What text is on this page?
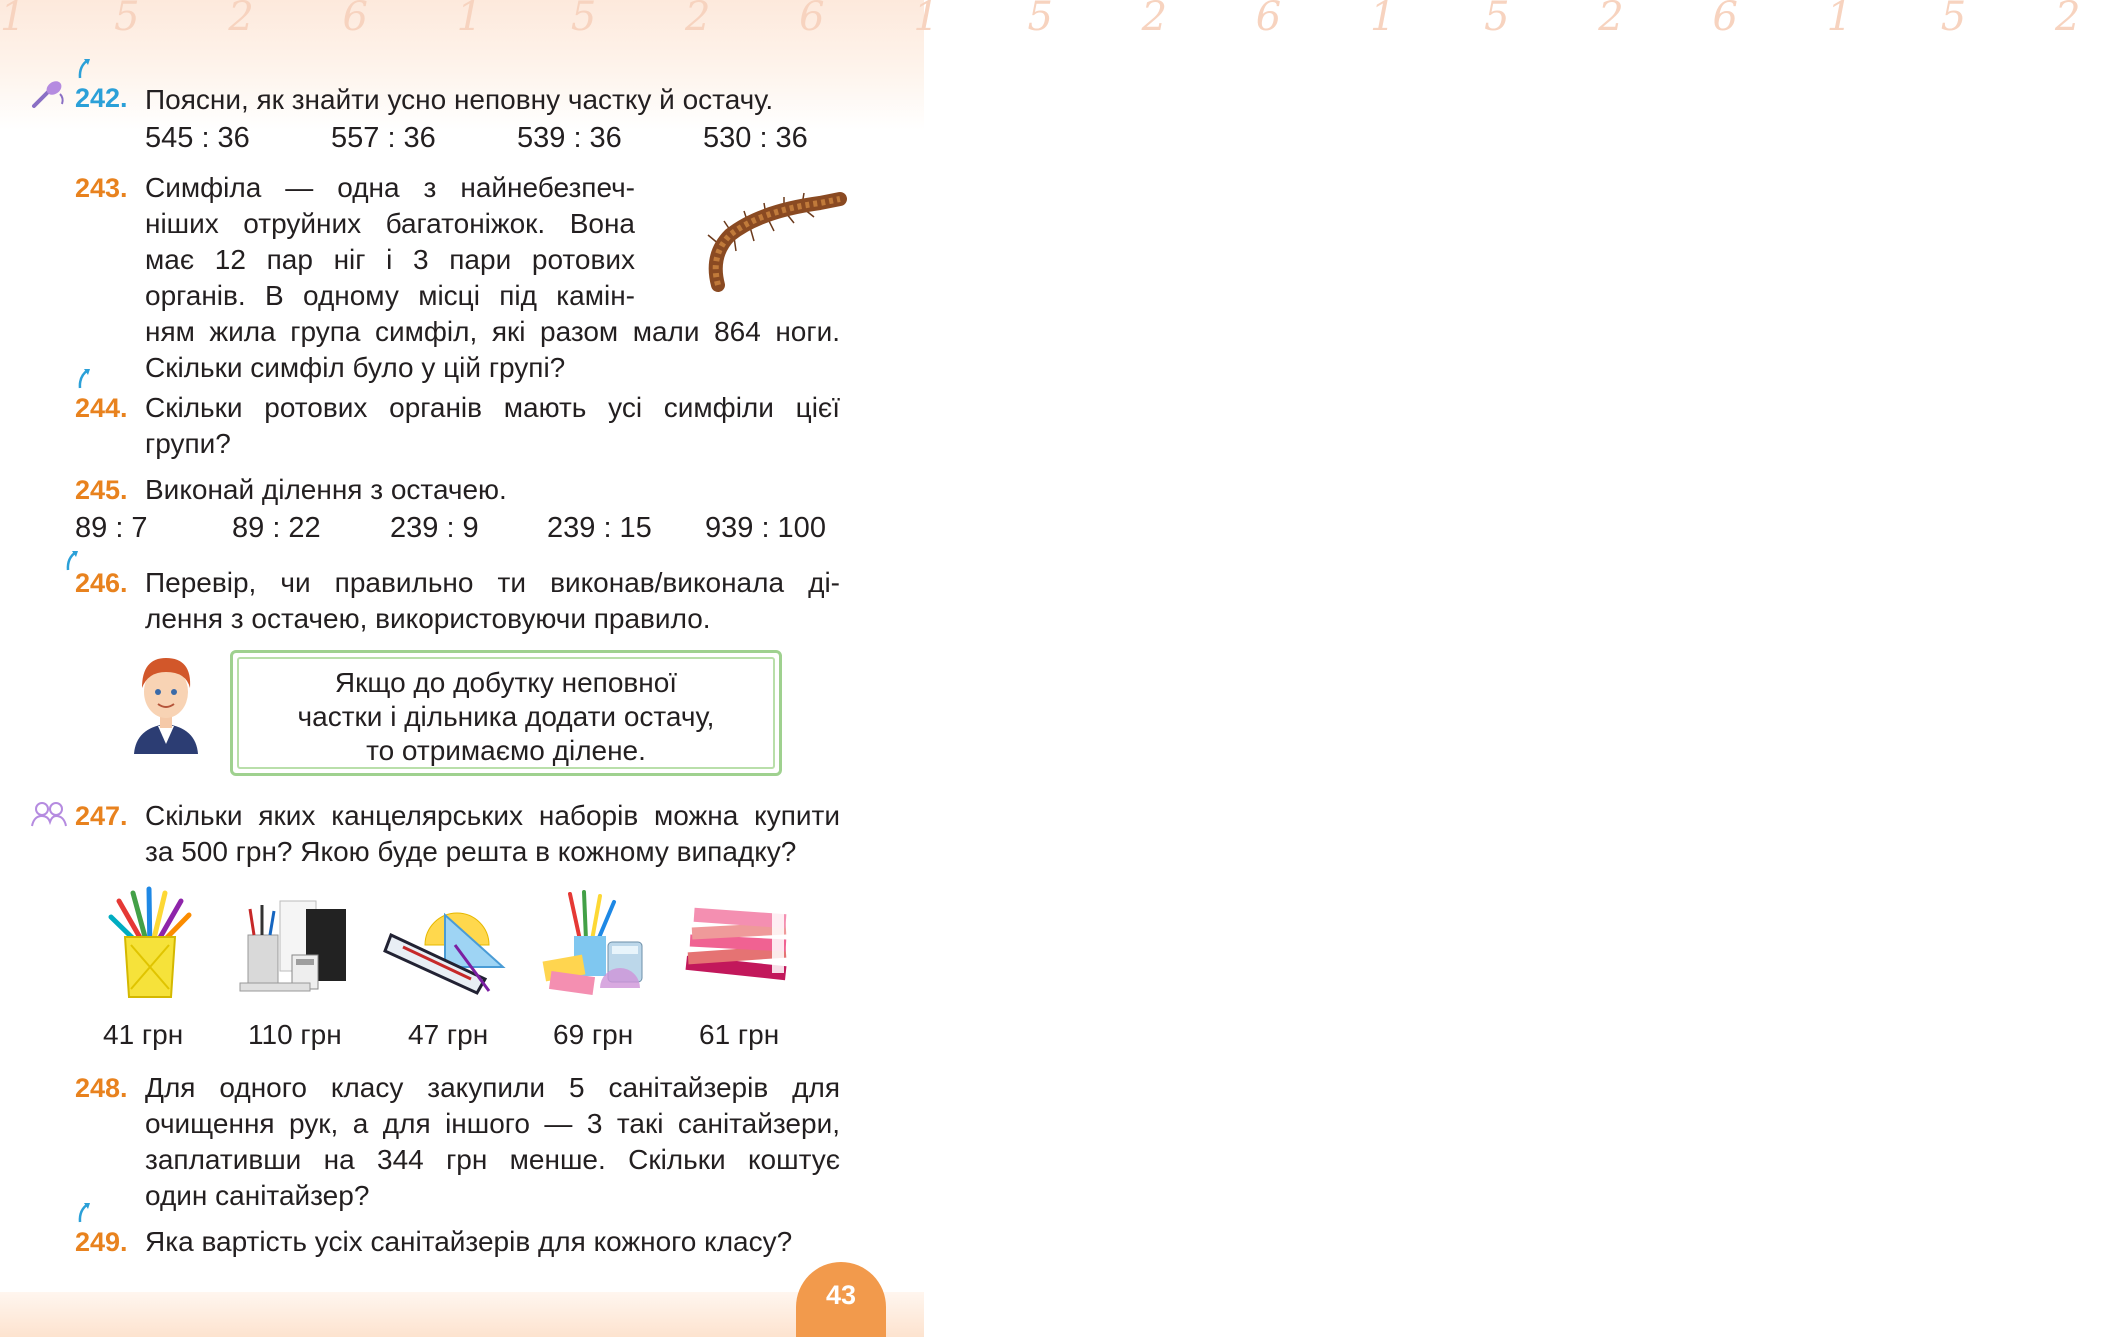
1 5 2 6 1 5 2 6 1 5 2 6 1 5 2 6 1 5 2
242. Поясни, як знайти усно неповну частку й остачу.
545 : 36	557 : 36	539 : 36	530 : 36
243. Симфіла — одна з найнебезпеч-
ніших отруйних багатоніжок. Вона
має 12 пар ніг і 3 пари ротових
органів. В одному місці під камін-
ням жила група симфіл, які разом мали 864 ноги.
Скільки симфіл було у цій групі?
244. Скільки ротових органів мають усі симфіли цієї
групи?
245. Виконай ділення з остачею.
89 : 7	89 : 22 239 : 9 239 : 15 939 : 100
246. Перевір, чи правильно ти виконав/виконала ді-
лення з остачею, використовуючи правило.
Якщо до добутку неповної
частки і дільника додати остачу,
то отримаємо ділене.
247. Скільки яких канцелярських наборів можна купити
за 500 грн? Якою буде решта в кожному випадку?
41 грн 110 грн 47 грн 69 грн 61 грн
248. Для одного класу закупили 5 санітайзерів для
очищення рук, а для іншого — 3 такі санітайзери,
заплативши на 344 грн менше. Скільки коштує
один санітайзер?
249. Яка вартість усіх санітайзерів для кожного класу?
43
